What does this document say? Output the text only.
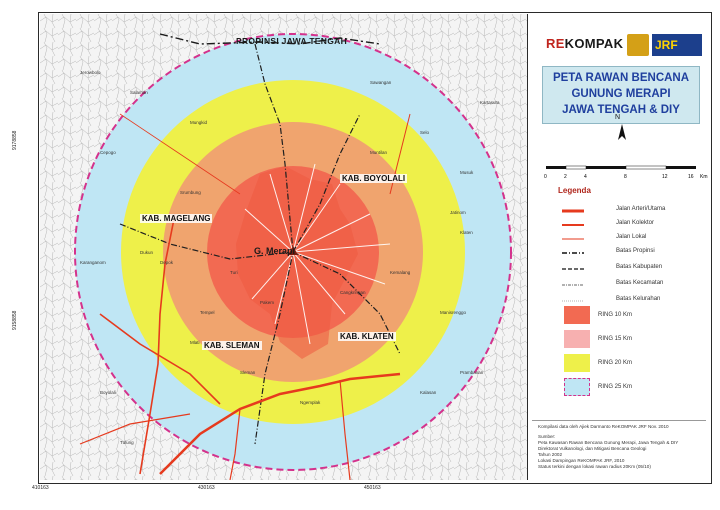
Jerowbolo
Salaman
Mungkid
Sawangan
Selo
Musuk
Cepogo
Tempel
Turi
Pakem
Cangkringan
Kemalang
Manisrenggo
Prambanan
Kalasan
Ngemplak
Sleman
Mlati
Depok
Srumbung
Dukun
Muntilan
Klaten
Boyolali
Kartasura
Jatinom
Karanganom
Tulung
PROPINSI JAWA TENGAH
G. Merapi
KAB. BOYOLALI
KAB. MAGELANG
KAB. SLEMAN
KAB. KLATEN
410163	430163	450163
9178858
9158858
REKOMPAK	JRF
PETA RAWAN BENCANA
GUNUNG MERAPI
JAWA TENGAH & DIY
N
0	2	4	8	12	16 Km
Legenda
Jalan Arteri/Utama
Jalan Kolektor
Jalan Lokal
Batas Propinsi
Batas Kabupaten
Batas Kecamatan
Batas Kelurahan
RING 10 Km
RING 15 Km
RING 20 Km
RING 25 Km
Kompilasi data oleh Ajiek Darmanto ReKOMPAK JRF Nov. 2010
Sumber:
Peta Kawasan Rawan Bencana Gunung Merapi, Jawa Tengah & DIY
Direktorat Vulkanologi, dan Mitigasi Bencana Geologi
Tahun 2002
Lokasi Dampingan ReKOMPAK JRF, 2010
Status terkini dengan lokasi rawan radius 20Km (05/10)
